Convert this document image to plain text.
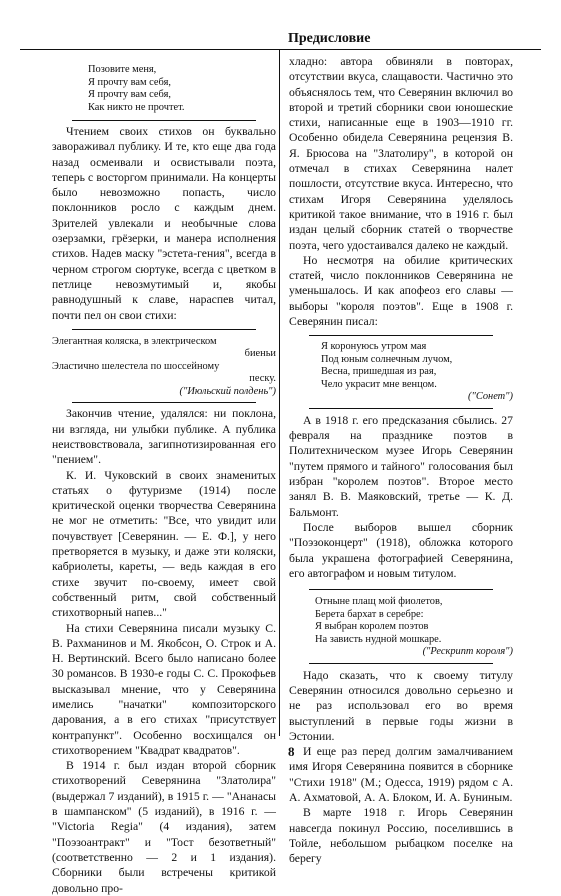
Предисловие
Позовите меня,
Я прочту вам себя,
Я прочту вам себя,
Как никто не прочтет.

Чтением своих стихов он буквально завораживал публику. И те, кто еще два года назад осмеивали и освистывали поэта, теперь с восторгом принимали. На концерты было невозможно попасть, число поклонников росло с каждым днем. Зрителей увлекали и необычные слова озерзамки, грёзерки, и манера исполнения стихов. Надев маску "эстета-гения", всегда в черном строгом сюртуке, всегда с цветком в петлице невозмутимый и, якобы равнодушный к славе, нараспев читал, почти пел он свои стихи:

Элегантная коляска, в электрическом
биеньи
Эластично шелестела по шоссейному
песку.
("Июльский полдень")

Закончив чтение, удалялся: ни поклона, ни взгляда, ни улыбки публике. А публика неиствовствовала, загипнотизированная его "пением".

К. И. Чуковский в своих знаменитых статьях о футуризме (1914) после критической оценки творчества Северянина не мог не отметить: "Все, что увидит или почувствует [Северянин. — Е. Ф.], у него претворяется в музыку, и даже эти коляски, кабриолеты, кареты, — ведь каждая в его стихе звучит по-своему, имеет свой собственный ритм, свой собственный стихотворный напев..."

На стихи Северянина писали музыку С. В. Рахманинов и М. Якобсон, О. Строк и А. Н. Вертинский. Всего было написано более 30 романсов. В 1930-е годы С. С. Прокофьев высказывал мнение, что у Северянина имелись "начатки" композиторского дарования, а в его стихах "присутствует контрапункт". Особенно восхищался он стихотворением "Квадрат квадратов".

В 1914 г. был издан второй сборник стихотворений Северянина "Златолира" (выдержал 7 изданий), в 1915 г. — "Ананасы в шампанском" (5 изданий), в 1916 г. — "Victoria Regia" (4 издания), затем "Поэзоантракт" и "Тост безответный" (соответственно — 2 и 1 издания). Сборники были встречены критикой довольно про-

хладно: автора обвиняли в повторах, отсутствии вкуса, слащавости. Частично это объяснялось тем, что Северянин включил во второй и третий сборники свои юношеские стихи, написанные еще в 1903—1910 гг. Особенно обидела Северянина рецензия В. Я. Брюсова на "Златолиру", в которой он отмечал в стихах Северянина налет пошлости, отсутствие вкуса. Интересно, что стихам Игоря Северянина уделялось критикой такое внимание, что в 1916 г. был издан целый сборник статей о творчестве поэта, чего удостаивался далеко не каждый.

Но несмотря на обилие критических статей, число поклонников Северянина не уменьшалось. И как апофеоз его славы — выборы "короля поэтов". Еще в 1908 г. Северянин писал:

Я коронуюсь утром мая
Под юным солнечным лучом,
Весна, пришедшая из рая,
Чело украсит мне венцом.
("Сонет")

А в 1918 г. его предсказания сбылись. 27 февраля на празднике поэтов в Политехническом музее Игорь Северянин "путем прямого и тайного" голосования был избран "королем поэтов". Второе место занял В. В. Маяковский, третье — К. Д. Бальмонт.

После выборов вышел сборник "Поэзоконцерт" (1918), обложка которого была украшена фотографией Северянина, его автографом и новым титулом.

Отныне плащ мой фиолетов,
Берета бархат в серебре:
Я выбран королем поэтов
На зависть нудной мошкаре.
("Рескрипт короля")

Надо сказать, что к своему титулу Северянин относился довольно серьезно и не раз использовал его во время выступлений в первые годы жизни в Эстонии.

И еще раз перед долгим замалчиванием имя Игоря Северянина появится в сборнике "Стихи 1918" (М.; Одесса, 1919) рядом с А. А. Ахматовой, А. А. Блоком, И. А. Буниным.

В марте 1918 г. Игорь Северянин навсегда покинул Россию, поселившись в Тойле, небольшом рыбацком поселке на берегу

8
